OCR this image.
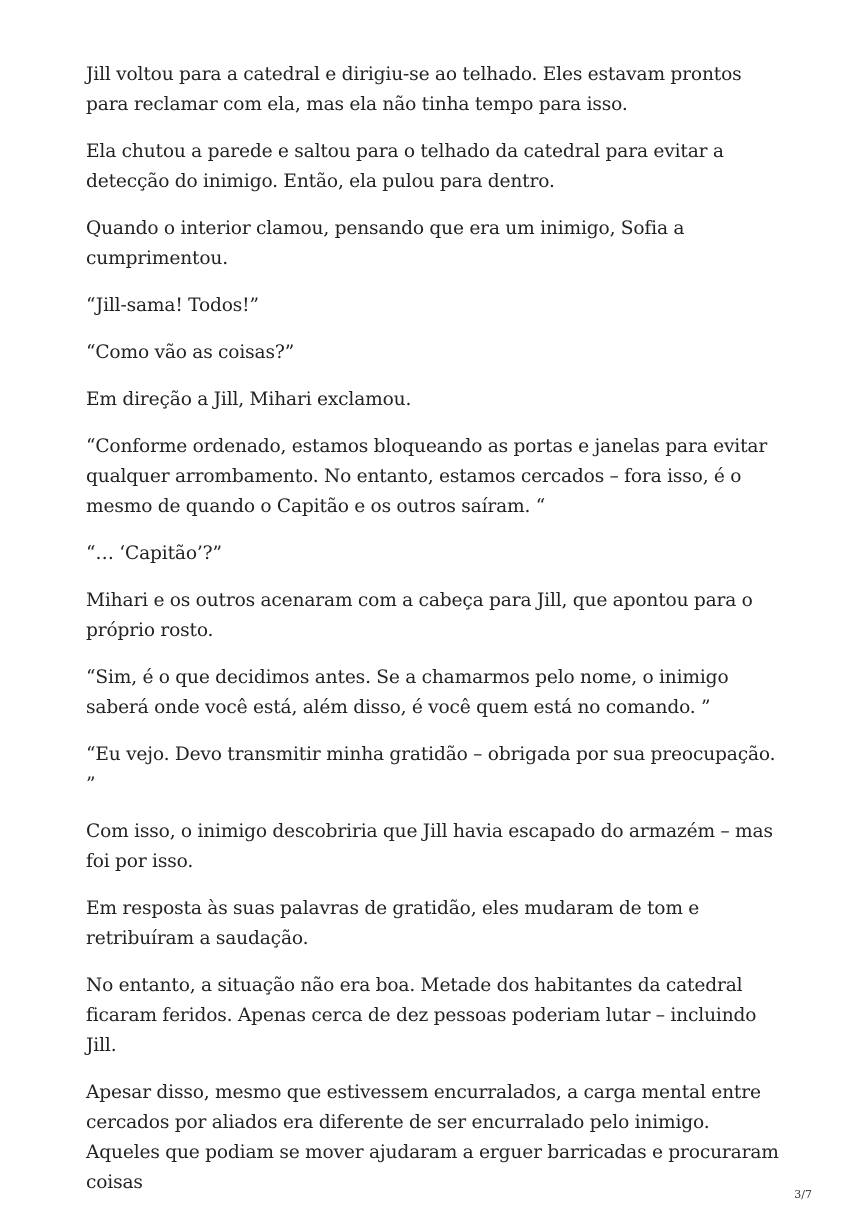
Jill voltou para a catedral e dirigiu-se ao telhado. Eles estavam prontos para reclamar com ela, mas ela não tinha tempo para isso.

Ela chutou a parede e saltou para o telhado da catedral para evitar a detecção do inimigo. Então, ela pulou para dentro.

Quando o interior clamou, pensando que era um inimigo, Sofia a cumprimentou.

“Jill-sama! Todos!”

“Como vão as coisas?”

Em direção a Jill, Mihari exclamou.

“Conforme ordenado, estamos bloqueando as portas e janelas para evitar qualquer arrombamento. No entanto, estamos cercados – fora isso, é o mesmo de quando o Capitão e os outros saíram. “

“… ‘Capitão’?”

Mihari e os outros acenaram com a cabeça para Jill, que apontou para o próprio rosto.

“Sim, é o que decidimos antes. Se a chamarmos pelo nome, o inimigo saberá onde você está, além disso, é você quem está no comando. ”

“Eu vejo. Devo transmitir minha gratidão – obrigada por sua preocupação. ”

Com isso, o inimigo descobriria que Jill havia escapado do armazém – mas foi por isso.

Em resposta às suas palavras de gratidão, eles mudaram de tom e retribuíram a saudação.

No entanto, a situação não era boa. Metade dos habitantes da catedral ficaram feridos. Apenas cerca de dez pessoas poderiam lutar – incluindo Jill.

Apesar disso, mesmo que estivessem encurralados, a carga mental entre cercados por aliados era diferente de ser encurralado pelo inimigo. Aqueles que podiam se mover ajudaram a erguer barricadas e procuraram coisas

3/7
